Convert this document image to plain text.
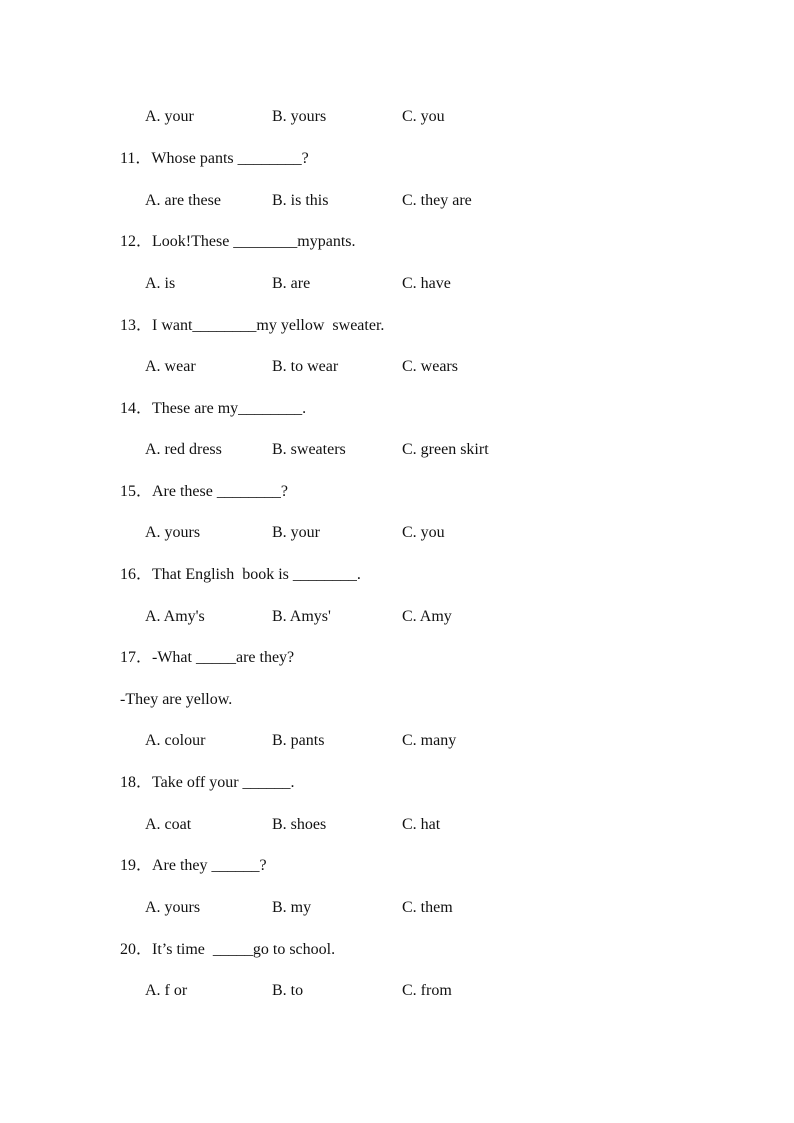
A. your	B. yours	C. you
11．Whose pants ________?
A. are these	B. is this	C. they are
12．Look!These ________mypants.
A. is	B. are	C. have
13．I want________my yellow  sweater.
A. wear	B. to wear	C. wears
14．These are my________.
A. red dress	B. sweaters	C. green skirt
15．Are these ________?
A. yours	B. your	C. you
16．That English  book is ________.
A. Amy's	B. Amys'	C. Amy
17．-What _____are they?
-They are yellow.
A. colour	B. pants	C. many
18．Take off your ______.
A. coat	B. shoes	C. hat
19．Are they ______?
A. yours	B. my	C. them
20．It’s time  _____go to school.
A. f or	B. to	C. from
